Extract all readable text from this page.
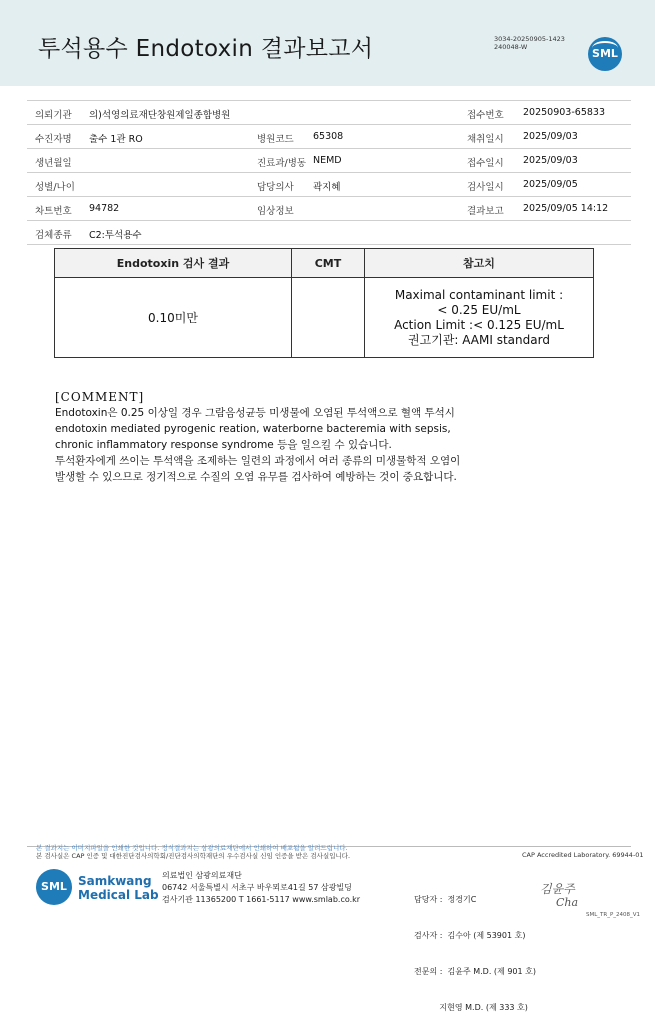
투석용수 Endotoxin 결과보고서	3034-20250905-1423
240048-W	SML
의뢰기관 의)석영의료재단창원제일종합병원	접수번호 20250903-65833
수진자명 출수 1관 RO	병원코드 65308	채취일시 2025/09/03
생년월일	진료과/병동 NEMD	접수일시 2025/09/03
성별/나이	담당의사 곽지혜	검사일시 2025/09/05
차트번호 94782	임상정보	결과보고 2025/09/05 14:12
검체종류 C2:투석용수
Endotoxin 검사 결과	CMT	참고치
0.10미만		Maximal contaminant limit :
< 0.25 EU/mL
Action Limit :< 0.125 EU/mL
권고기관: AAMI standard
[COMMENT]
Endotoxin은 0.25 이상일 경우 그람음성균등 미생물에 오염된 투석액으로 혈액 투석시
endotoxin mediated pyrogenic reation, waterborne bacteremia with sepsis,
chronic inflammatory response syndrome 등을 일으킬 수 있습니다.
투석환자에게 쓰이는 투석액을 조제하는 일련의 과정에서 여러 종류의 미생물학적 오염이
발생할 수 있으므로 정기적으로 수질의 오염 유무를 검사하여 예방하는 것이 중요합니다.
본 결과지는 이미지파일을 인쇄한 것입니다. 정식결과지는 삼광의료재단에서 인쇄하여 배포됨을 알려드립니다.
본 검사실은 CAP 인증 및 대한진단검사의학회/진단검사의학재단의 우수검사실 신임 인증을 받은 검사실입니다.	CAP Accredited Laboratory. 69944-01
SML Samkwang
Medical Lab
의료법인 삼광의료재단
06742 서울특별시 서초구 바우뫼로41길 57 삼광빌딩
검사기관 11365200 T 1661-5117 www.smlab.co.kr

	담당자 :  정경기C

검사자 :  김수아 (제 53901 호)

전문의 :  김윤주 M.D. (제 901 호)

지현영 M.D. (제 333 호)

김윤주
Cha
SML_TR_P_2408_V1
